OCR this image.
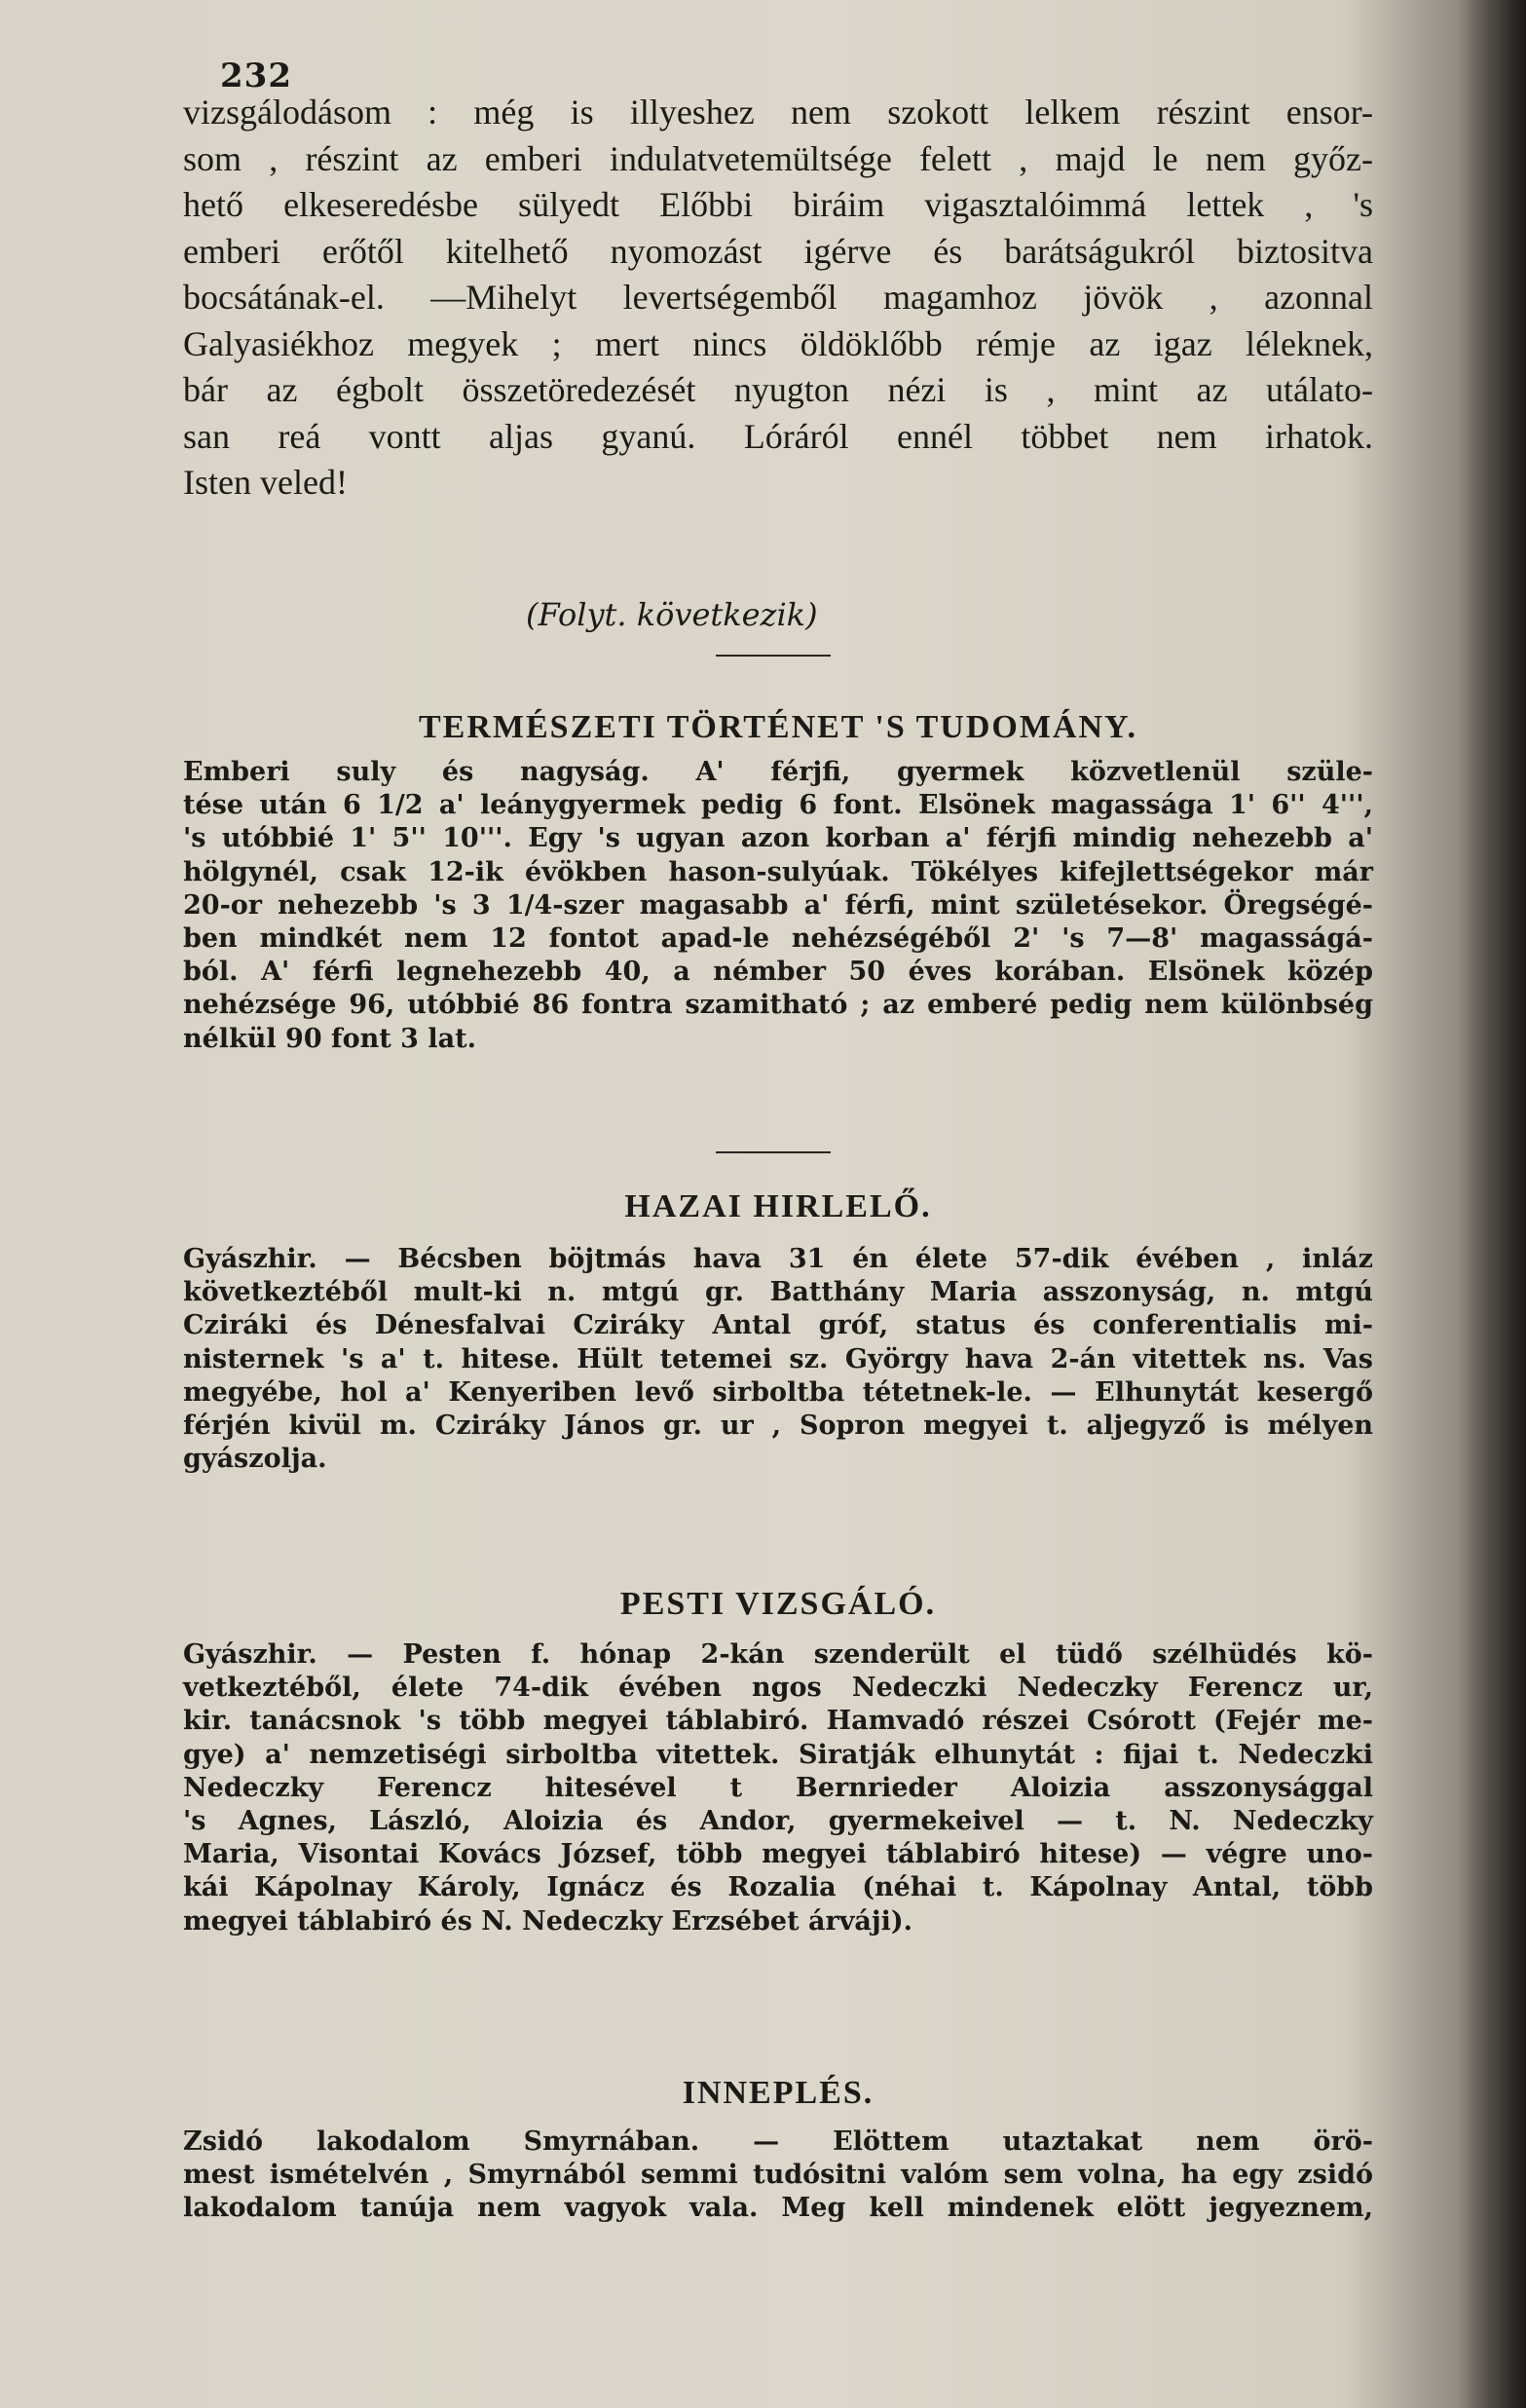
232

vizsgálodásom : még is illyeshez nem szokott lelkem részint ensor-

som , részint az emberi indulatvetemültsége felett , majd le nem győz-

hető elkeseredésbe sülyedt Előbbi biráim vigasztalóimmá lettek , 's

emberi erőtől kitelhető nyomozást igérve és barátságukról biztositva

bocsátának-el. —Mihelyt levertségemből magamhoz jövök , azonnal

Galyasiékhoz megyek ; mert nincs öldöklőbb rémje az igaz léleknek,

bár az égbolt összetöredezését nyugton nézi is , mint az utálato-

san reá vontt aljas gyanú. Lóráról ennél többet nem irhatok.

Isten veled!

(Folyt. következik)
TERMÉSZETI TÖRTÉNET 'S TUDOMÁNY.

Emberi suly és nagyság. A' férjfi, gyermek közvetlenül szüle-

tése után 6 1/2 a' leánygyermek pedig 6 font. Elsönek magassága 1' 6'' 4''',

's utóbbié 1' 5'' 10'''. Egy 's ugyan azon korban a' férjfi mindig nehezebb a'

hölgynél, csak 12-ik évökben hason-sulyúak. Tökélyes kifejlettségekor már

20-or nehezebb 's 3 1/4-szer magasabb a' férfi, mint születésekor. Öregségé-

ben mindkét nem 12 fontot apad-le nehézségéből 2' 's 7—8' magasságá-

ból. A' férfi legnehezebb 40, a némber 50 éves korában. Elsönek közép

nehézsége 96, utóbbié 86 fontra szamitható ; az emberé pedig nem különbség

nélkül 90 font 3 lat.

HAZAI HIRLELŐ.

Gyászhir. — Bécsben böjtmás hava 31 én élete 57-dik évében , inláz

következtéből mult-ki n. mtgú gr. Batthány Maria asszonyság, n. mtgú

Cziráki és Dénesfalvai Czirákу Antal gróf, status és conferentialis mi-

nisternek 's a' t. hitese. Hült tetemei sz. György hava 2-án vitettek ns. Vas

megyébe, hol a' Kenyeriben levő sirboltba tétetnek-le. — Elhunytát kesergő

férjén kivül m. Cziráky János gr. ur , Sopron megyei t. aljegyző is mélyen

gyászolja.

PESTI VIZSGÁLÓ.

Gyászhir. — Pesten f. hónap 2-kán szenderült el tüdő szélhüdés kö-

vetkeztéből, élete 74-dik évében ngos Nedeczki Nedeczky Ferencz ur,

kir. tanácsnok 's több megyei táblabiró. Hamvadó részei Csórott (Fejér me-

gye) a' nemzetiségi sirboltba vitettek. Siratják elhunytát : fijai t. Nedeczki

Nedeczky Ferencz hitesével t Bernrieder Aloizia asszonysággal

's Agnes, László, Aloizia és Andor, gyermekeivel — t. N. Nedeczky

Maria, Visontai Kovács József, több megyei táblabiró hitese) — végre uno-

kái Kápolnay Károly, Ignácz és Rozalia (néhai t. Kápolnay Antal, több

megyei táblabiró és N. Nedeczky Erzsébet árváji).

INNEPLÉS.

Zsidó lakodalom Smyrnában. — Elöttem utaztakat nem örö-

mest ismételvén , Smyrnából semmi tudósitni valóm sem volna, ha egy zsidó

lakodalom tanúja nem vagyok vala. Meg kell mindenek elött jegyeznem,
